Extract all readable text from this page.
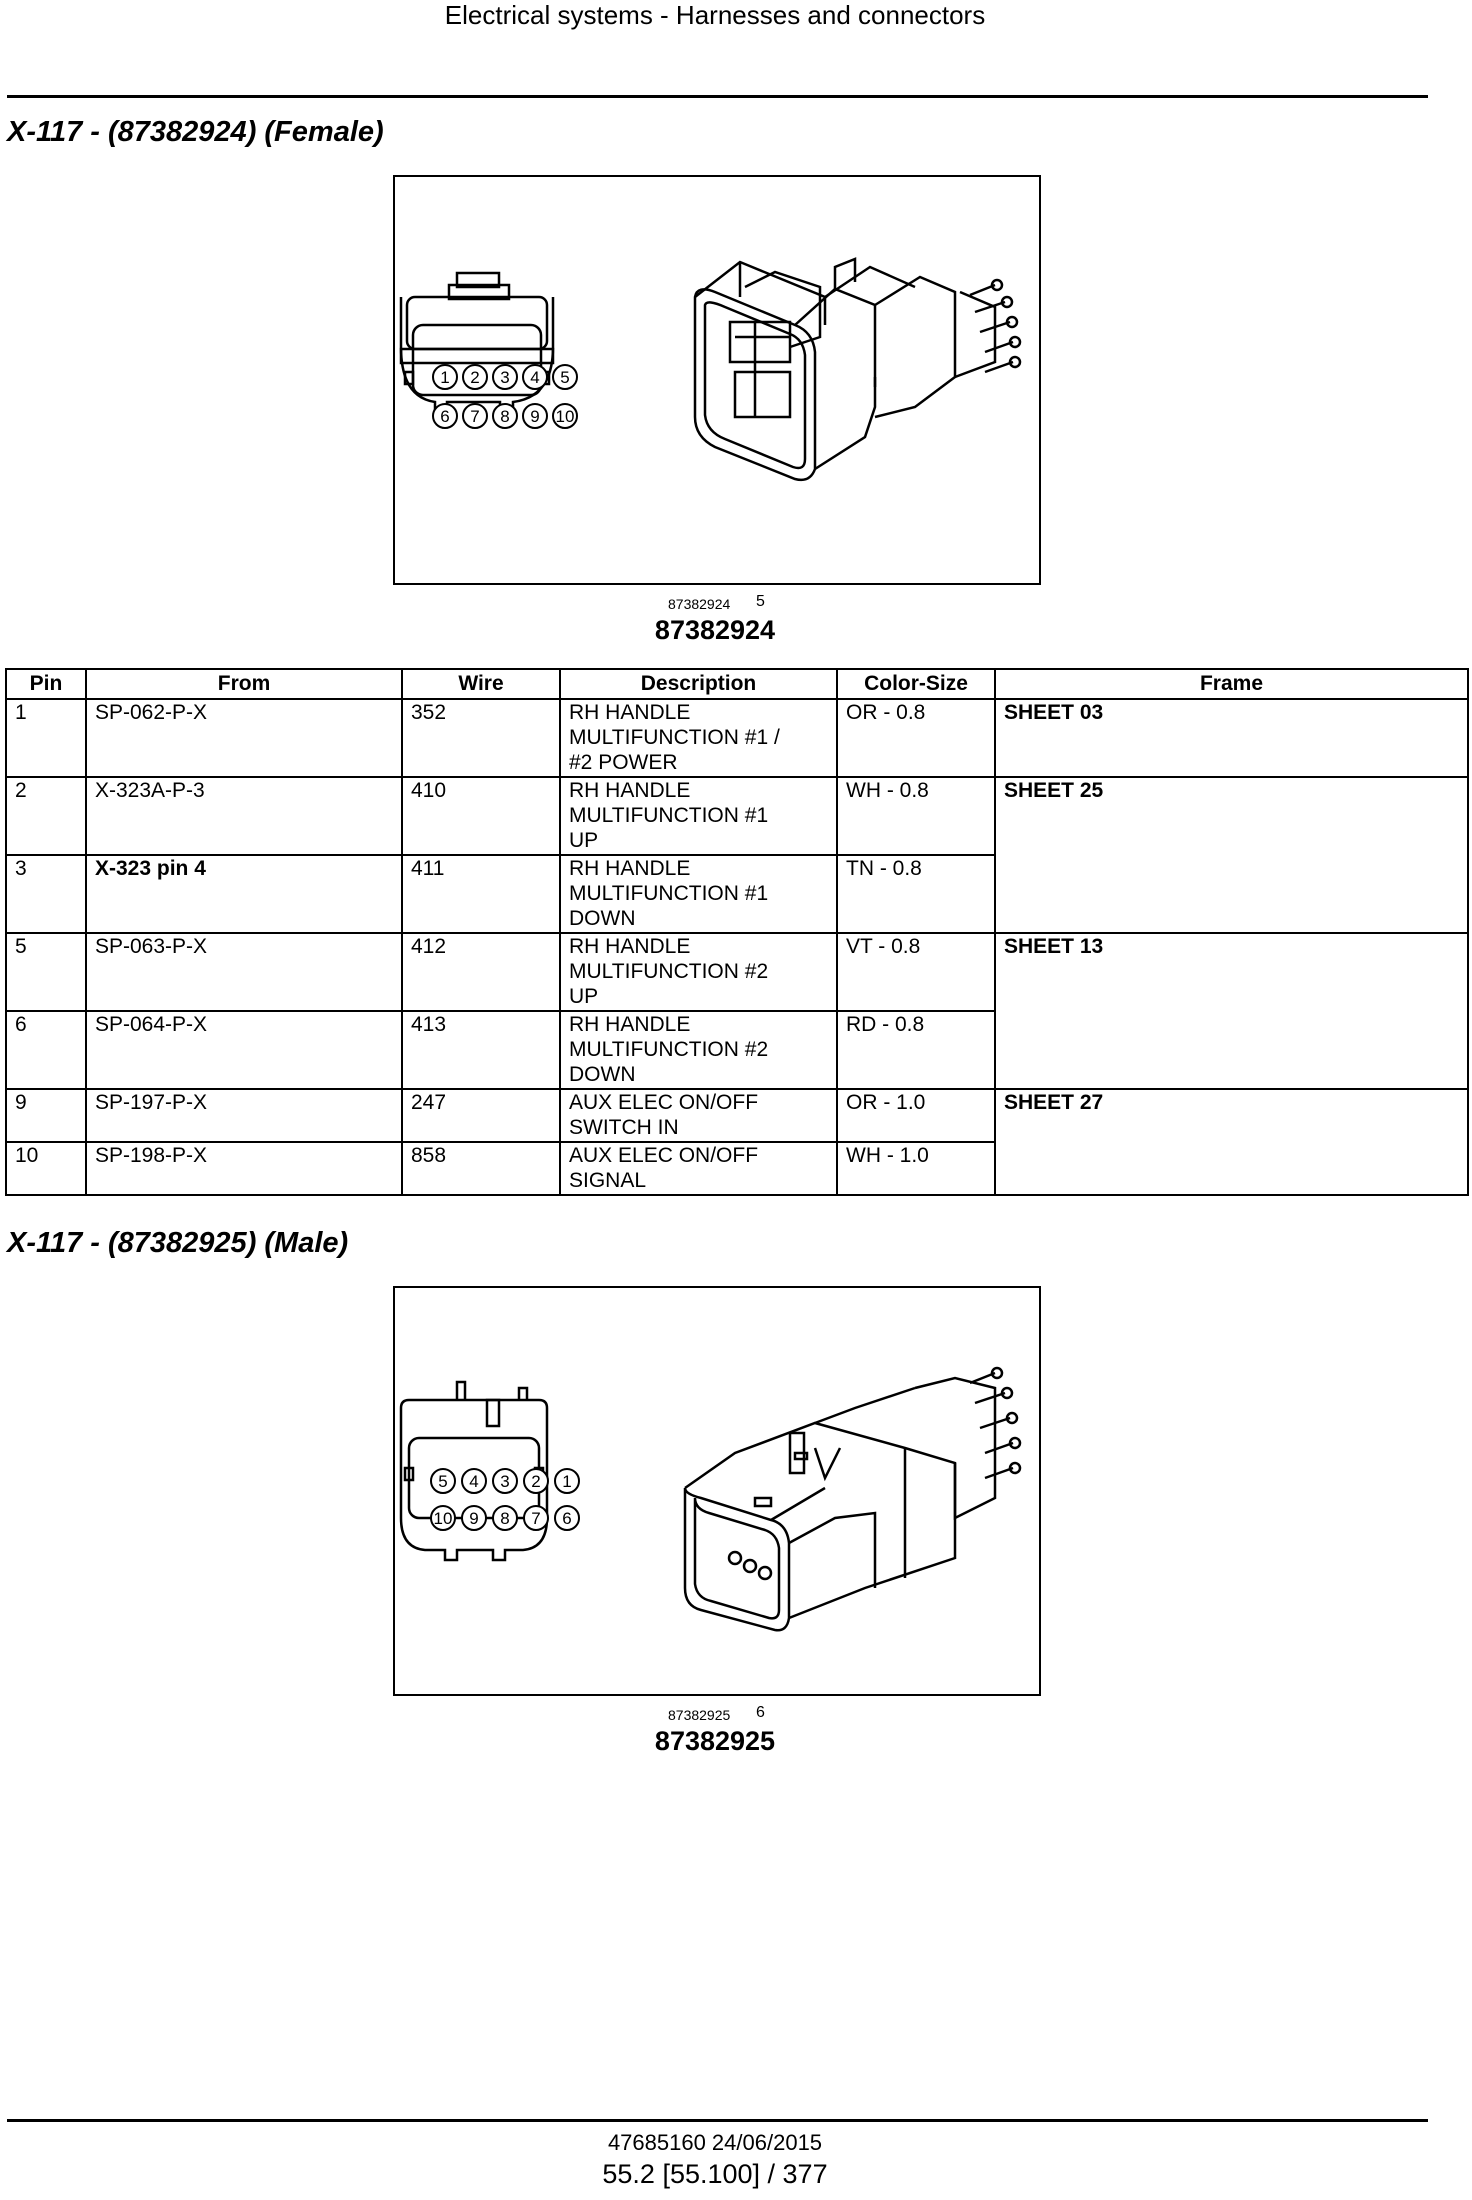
Electrical systems - Harnesses and connectors
X-117 - (87382924) (Female)
1 2 3 4 5
6 7 8 9 10
87382924 5
87382924
Pin	From	Wire	Description	Color-Size	Frame
1	SP-062-P-X	352	RH HANDLE
MULTIFUNCTION #1 /
#2 POWER	OR - 0.8	SHEET 03
2	X-323A-P-3	410	RH HANDLE
MULTIFUNCTION #1
UP	WH - 0.8	SHEET 25
3	X-323 pin 4	411	RH HANDLE
MULTIFUNCTION #1
DOWN	TN - 0.8	
5	SP-063-P-X	412	RH HANDLE
MULTIFUNCTION #2
UP	VT - 0.8	SHEET 13
6	SP-064-P-X	413	RH HANDLE
MULTIFUNCTION #2
DOWN	RD - 0.8	
9	SP-197-P-X	247	AUX ELEC ON/OFF
SWITCH IN	OR - 1.0	SHEET 27
10	SP-198-P-X	858	AUX ELEC ON/OFF
SIGNAL	WH - 1.0	
X-117 - (87382925) (Male)
5 4 3 2 1
10 9 8 7 6
87382925 6
87382925
47685160 24/06/2015
55.2 [55.100] / 377
